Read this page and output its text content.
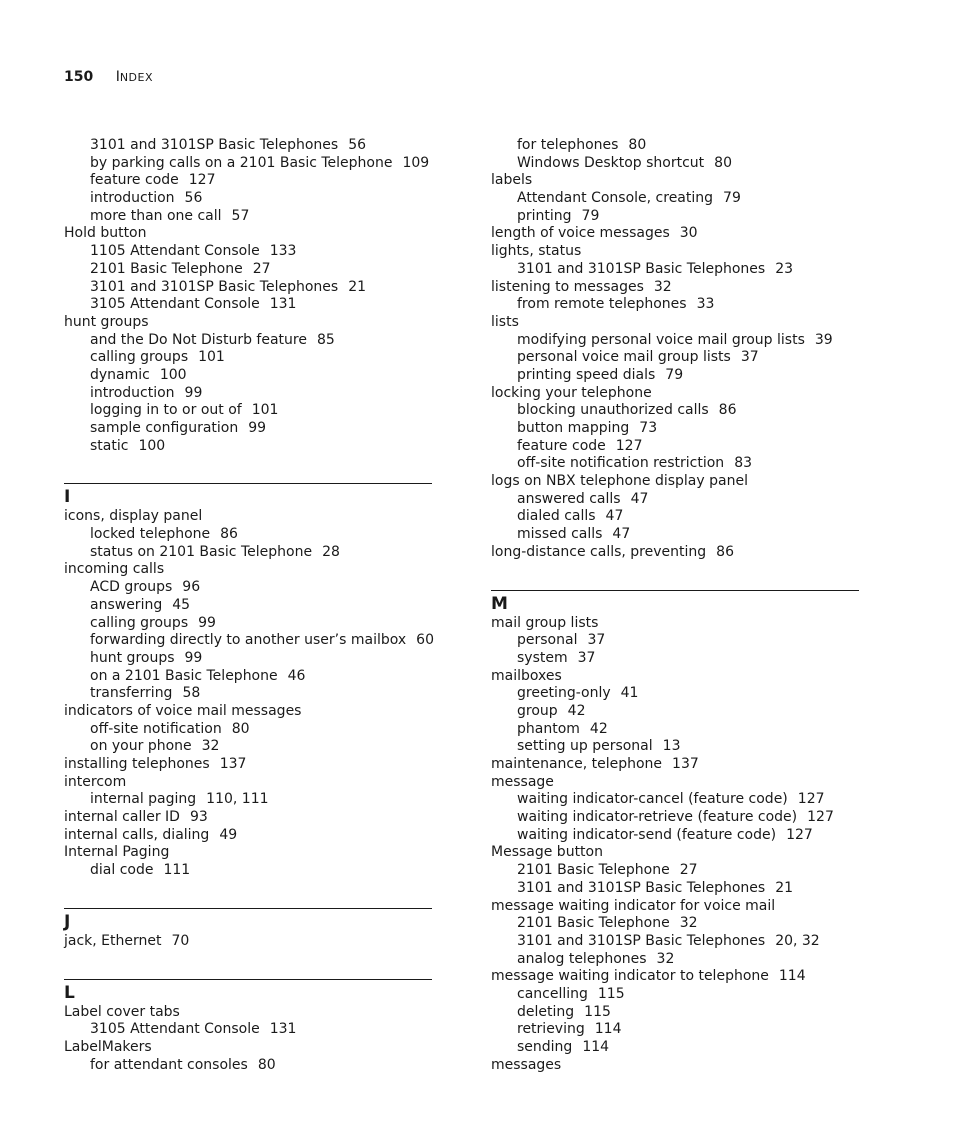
150 INDEX
3101 and 3101SP Basic Telephones 56
by parking calls on a 2101 Basic Telephone 109
feature code 127
introduction 56
more than one call 57
Hold button
1105 Attendant Console 133
2101 Basic Telephone 27
3101 and 3101SP Basic Telephones 21
3105 Attendant Console 131
hunt groups
and the Do Not Disturb feature 85
calling groups 101
dynamic 100
introduction 99
logging in to or out of 101
sample configuration 99
static 100
I
icons, display panel
locked telephone 86
status on 2101 Basic Telephone 28
incoming calls
ACD groups 96
answering 45
calling groups 99
forwarding directly to another user’s mailbox 60
hunt groups 99
on a 2101 Basic Telephone 46
transferring 58
indicators of voice mail messages
off-site notification 80
on your phone 32
installing telephones 137
intercom
internal paging 110, 111
internal caller ID 93
internal calls, dialing 49
Internal Paging
dial code 111
J
jack, Ethernet 70
L
Label cover tabs
3105 Attendant Console 131
LabelMakers
for attendant consoles 80
for telephones 80
Windows Desktop shortcut 80
labels
Attendant Console, creating 79
printing 79
length of voice messages 30
lights, status
3101 and 3101SP Basic Telephones 23
listening to messages 32
from remote telephones 33
lists
modifying personal voice mail group lists 39
personal voice mail group lists 37
printing speed dials 79
locking your telephone
blocking unauthorized calls 86
button mapping 73
feature code 127
off-site notification restriction 83
logs on NBX telephone display panel
answered calls 47
dialed calls 47
missed calls 47
long-distance calls, preventing 86
M
mail group lists
personal 37
system 37
mailboxes
greeting-only 41
group 42
phantom 42
setting up personal 13
maintenance, telephone 137
message
waiting indicator-cancel (feature code) 127
waiting indicator-retrieve (feature code) 127
waiting indicator-send (feature code) 127
Message button
2101 Basic Telephone 27
3101 and 3101SP Basic Telephones 21
message waiting indicator for voice mail
2101 Basic Telephone 32
3101 and 3101SP Basic Telephones 20, 32
analog telephones 32
message waiting indicator to telephone 114
cancelling 115
deleting 115
retrieving 114
sending 114
messages
